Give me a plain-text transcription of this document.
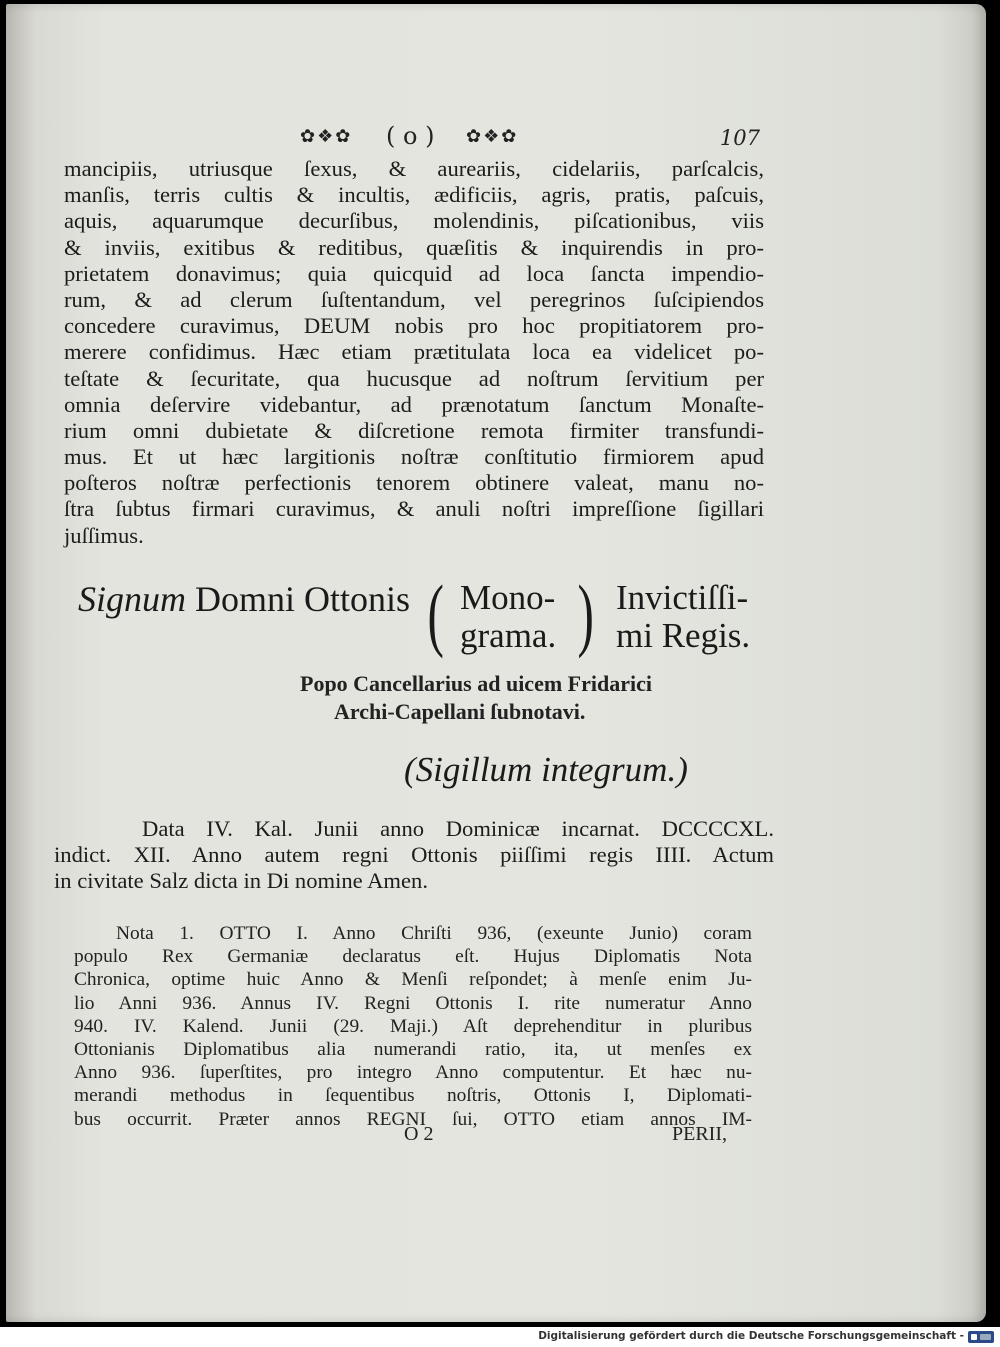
✿❖✿ ( o ) ✿❖✿	107
mancipiis, utriusque ſexus, & aureariis, cidelariis, parſcalcis,
manſis, terris cultis & incultis, ædificiis, agris, pratis, paſcuis,
aquis, aquarumque decurſibus, molendinis, piſcationibus, viis
& inviis, exitibus & reditibus, quæſitis & inquirendis in pro-
prietatem donavimus; quia quicquid ad loca ſancta impendio-
rum, & ad clerum ſuſtentandum, vel peregrinos ſuſcipiendos
concedere curavimus, DEUM nobis pro hoc propitiatorem pro-
merere confidimus. Hæc etiam prætitulata loca ea videlicet po-
teſtate & ſecuritate, qua hucusque ad noſtrum ſervitium per
omnia deſervire videbantur, ad prænotatum ſanctum Monaſte-
rium omni dubietate & diſcretione remota firmiter transfundi-
mus. Et ut hæc largitionis noſtræ conſtitutio firmiorem apud
poſteros noſtræ perfectionis tenorem obtinere valeat, manu no-
ſtra ſubtus firmari curavimus, & anuli noſtri impreſſione ſigillari
juſſimus.
Signum Domni Ottonis ( Mono-
grama. ) Invictiſſi-
mi Regis.
Popo Cancellarius ad uicem Fridarici
Archi-Capellani ſubnotavi.
(Sigillum integrum.)
Data IV. Kal. Junii anno Dominicæ incarnat. DCCCCXL.
indict. XII. Anno autem regni Ottonis piiſſimi regis IIII. Actum
in civitate Salz dicta in Di nomine Amen.
Nota 1. OTTO I. Anno Chriſti 936, (exeunte Junio) coram
populo Rex Germaniæ declaratus eſt. Hujus Diplomatis Nota
Chronica, optime huic Anno & Menſi reſpondet; à menſe enim Ju-
lio Anni 936. Annus IV. Regni Ottonis I. rite numeratur Anno
940. IV. Kalend. Junii (29. Maji.) Aſt deprehenditur in pluribus
Ottonianis Diplomatibus alia numerandi ratio, ita, ut menſes ex
Anno 936. ſuperſtites, pro integro Anno computentur. Et hæc nu-
merandi methodus in ſequentibus noſtris, Ottonis I, Diplomati-
bus occurrit. Præter annos REGNI ſui, OTTO etiam annos IM-
O 2	PERII,
Digitalisierung gefördert durch die Deutsche Forschungsgemeinschaft -
